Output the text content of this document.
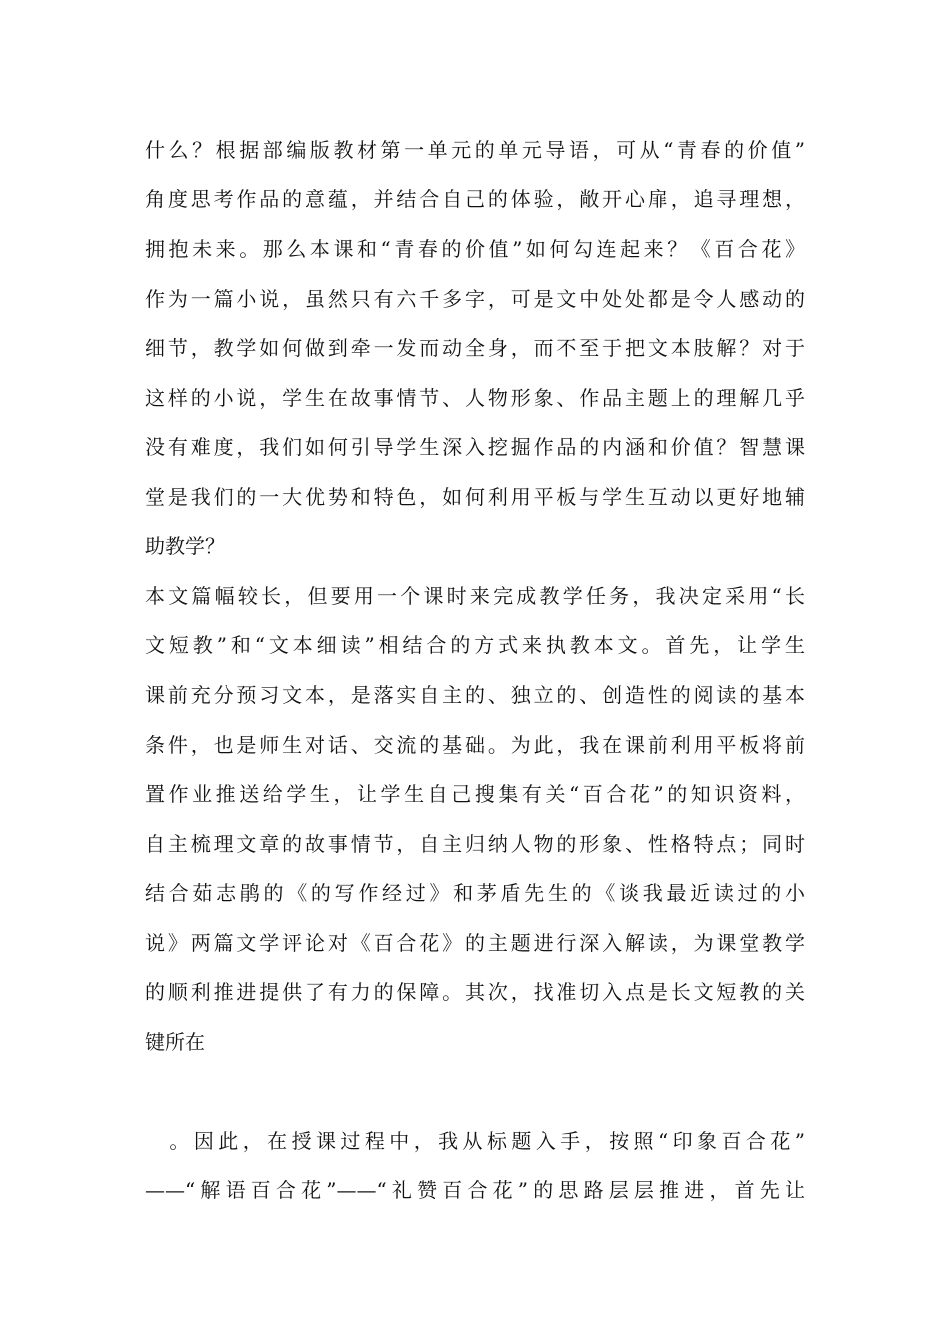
什么？根据部编版教材第一单元的单元导语，可从“青春的价值”
角度思考作品的意蕴，并结合自己的体验，敞开心扉，追寻理想，
拥抱未来。那么本课和“青春的价值”如何勾连起来？《百合花》
作为一篇小说，虽然只有六千多字，可是文中处处都是令人感动的
细节，教学如何做到牵一发而动全身，而不至于把文本肢解？对于
这样的小说，学生在故事情节、人物形象、作品主题上的理解几乎
没有难度，我们如何引导学生深入挖掘作品的内涵和价值？智慧课
堂是我们的一大优势和特色，如何利用平板与学生互动以更好地辅
助教学？
本文篇幅较长，但要用一个课时来完成教学任务，我决定采用“长
文短教”和“文本细读”相结合的方式来执教本文。首先，让学生
课前充分预习文本，是落实自主的、独立的、创造性的阅读的基本
条件，也是师生对话、交流的基础。为此，我在课前利用平板将前
置作业推送给学生，让学生自己搜集有关“百合花”的知识资料，
自主梳理文章的故事情节，自主归纳人物的形象、性格特点；同时
结合茹志鹃的《的写作经过》和茅盾先生的《谈我最近读过的小
说》两篇文学评论对《百合花》的主题进行深入解读，为课堂教学
的顺利推进提供了有力的保障。其次，找准切入点是长文短教的关
键所在
　。因此，在授课过程中，我从标题入手，按照“印象百合花”
——“解语百合花”——“礼赞百合花”的思路层层推进，首先让
